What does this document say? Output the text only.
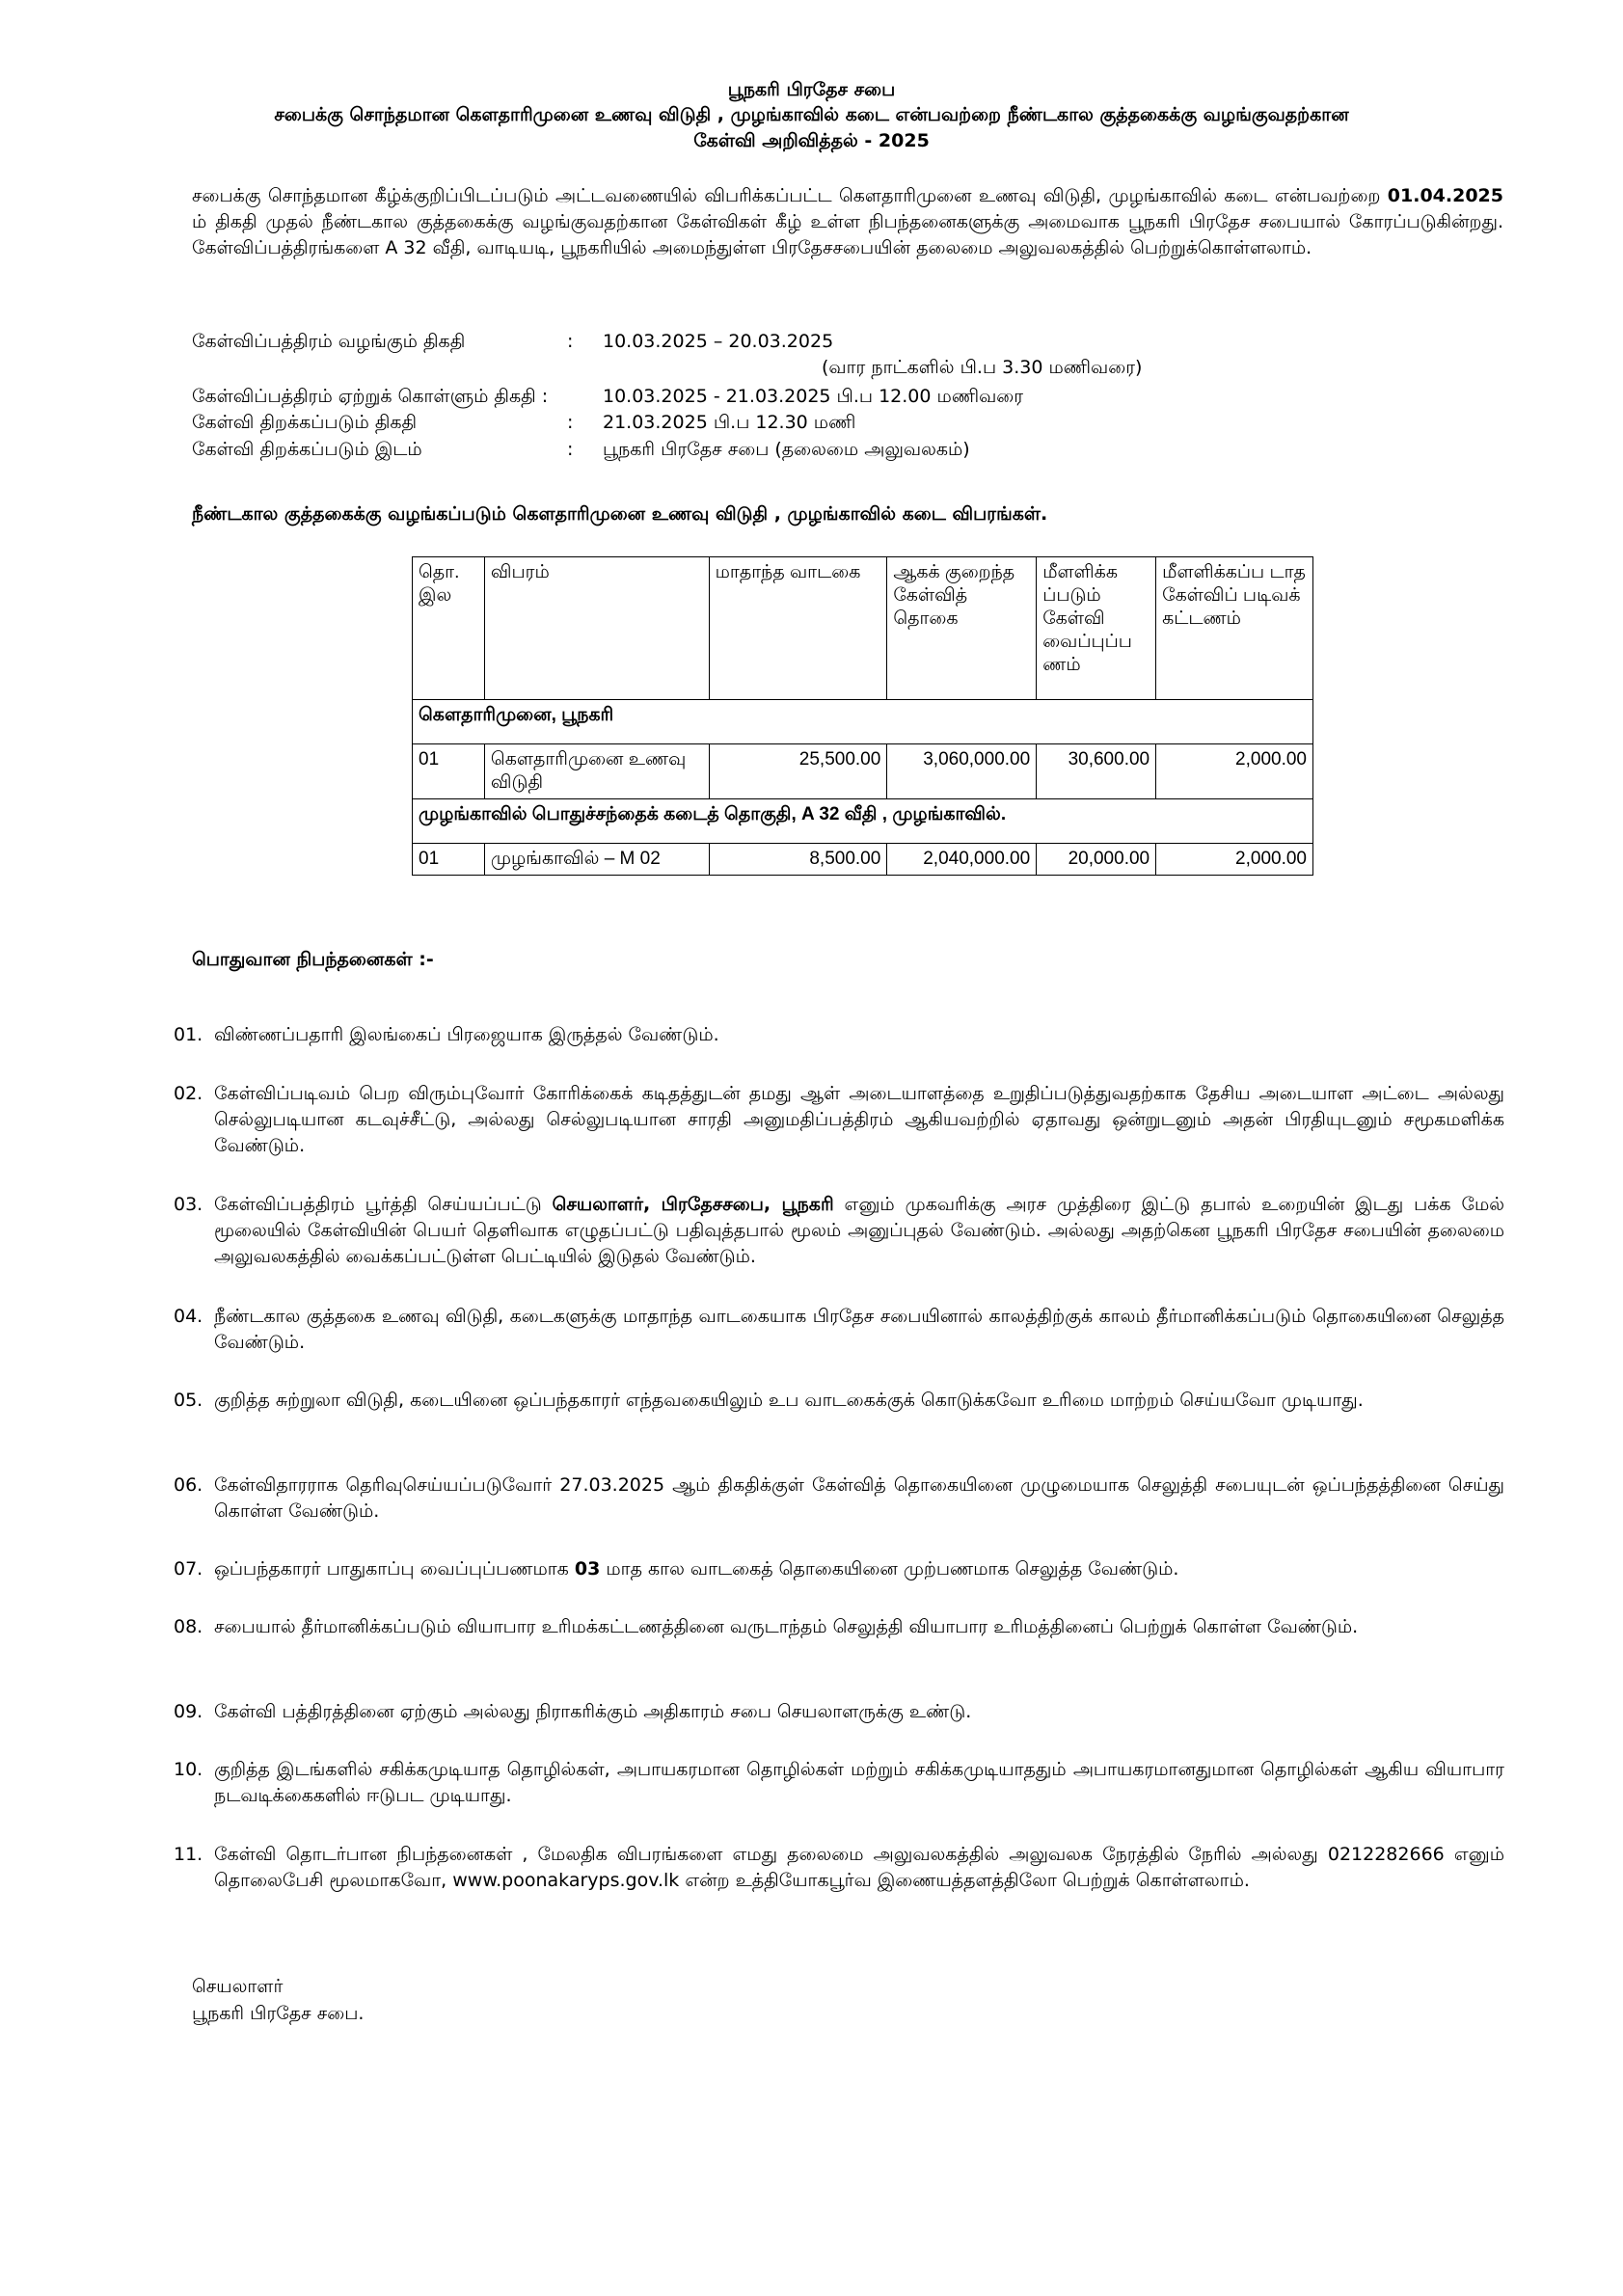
பூநகரி பிரதேச சபை
சபைக்கு சொந்தமான கௌதாரிமுனை உணவு விடுதி , முழங்காவில் கடை என்பவற்றை நீண்டகால குத்தகைக்கு வழங்குவதற்கான
கேள்வி அறிவித்தல் - 2025
சபைக்கு சொந்தமான கீழ்க்குறிப்பிடப்படும் அட்டவணையில் விபரிக்கப்பட்ட கௌதாரிமுனை உணவு விடுதி, முழங்காவில் கடை என்பவற்றை 01.04.2025 ம் திகதி முதல் நீண்டகால குத்தகைக்கு வழங்குவதற்கான கேள்விகள் கீழ் உள்ள நிபந்தனைகளுக்கு அமைவாக பூநகரி பிரதேச சபையால் கோரப்படுகின்றது. கேள்விப்பத்திரங்களை A 32 வீதி, வாடியடி, பூநகரியில் அமைந்துள்ள பிரதேசசபையின் தலைமை அலுவலகத்தில் பெற்றுக்கொள்ளலாம்.
கேள்விப்பத்திரம் வழங்கும் திகதி	: 10.03.2025 – 20.03.2025
(வார நாட்களில் பி.ப 3.30 மணிவரை)
கேள்விப்பத்திரம் ஏற்றுக் கொள்ளும் திகதி :	10.03.2025 - 21.03.2025 பி.ப 12.00 மணிவரை
கேள்வி திறக்கப்படும் திகதி	: 21.03.2025 பி.ப 12.30 மணி
கேள்வி திறக்கப்படும் இடம்	: பூநகரி பிரதேச சபை (தலைமை அலுவலகம்)
நீண்டகால குத்தகைக்கு வழங்கப்படும் கௌதாரிமுனை உணவு விடுதி , முழங்காவில் கடை விபரங்கள்.
தொ. இல	விபரம்	மாதாந்த வாடகை	ஆகக் குறைந்த கேள்வித் தொகை	மீளளிக்க ப்படும் கேள்வி வைப்புப்ப ணம்	மீளளிக்கப்ப டாத கேள்விப் படிவக் கட்டணம்
கௌதாரிமுனை, பூநகரி					
01	கௌதாரிமுனை உணவு விடுதி	25,500.00	3,060,000.00	30,600.00	2,000.00
முழங்காவில் பொதுச்சந்தைக் கடைத் தொகுதி, A 32 வீதி , முழங்காவில்.					
01	முழங்காவில் – M 02	8,500.00	2,040,000.00	20,000.00	2,000.00
பொதுவான நிபந்தனைகள் :-
01. விண்ணப்பதாரி இலங்கைப் பிரஜையாக இருத்தல் வேண்டும்.
02. கேள்விப்படிவம் பெற விரும்புவோர் கோரிக்கைக் கடிதத்துடன் தமது ஆள் அடையாளத்தை உறுதிப்படுத்துவதற்காக தேசிய அடையாள அட்டை அல்லது செல்லுபடியான கடவுச்சீட்டு, அல்லது செல்லுபடியான சாரதி அனுமதிப்பத்திரம் ஆகியவற்றில் ஏதாவது ஒன்றுடனும் அதன் பிரதியுடனும் சமூகமளிக்க வேண்டும்.
03. கேள்விப்பத்திரம் பூர்த்தி செய்யப்பட்டு செயலாளர், பிரதேசசபை, பூநகரி எனும் முகவரிக்கு அரச முத்திரை இட்டு தபால் உறையின் இடது பக்க மேல் மூலையில் கேள்வியின் பெயர் தெளிவாக எழுதப்பட்டு பதிவுத்தபால் மூலம் அனுப்புதல் வேண்டும். அல்லது அதற்கென பூநகரி பிரதேச சபையின் தலைமை அலுவலகத்தில் வைக்கப்பட்டுள்ள பெட்டியில் இடுதல் வேண்டும்.
04. நீண்டகால குத்தகை உணவு விடுதி, கடைகளுக்கு மாதாந்த வாடகையாக பிரதேச சபையினால் காலத்திற்குக் காலம் தீர்மானிக்கப்படும் தொகையினை செலுத்த வேண்டும்.
05. குறித்த சுற்றுலா விடுதி, கடையினை ஒப்பந்தகாரர் எந்தவகையிலும் உப வாடகைக்குக் கொடுக்கவோ உரிமை மாற்றம் செய்யவோ முடியாது.
06. கேள்விதாரராக தெரிவுசெய்யப்படுவோர் 27.03.2025 ஆம் திகதிக்குள் கேள்வித் தொகையினை முழுமையாக செலுத்தி சபையுடன் ஒப்பந்தத்தினை செய்து கொள்ள வேண்டும்.
07. ஒப்பந்தகாரர் பாதுகாப்பு வைப்புப்பணமாக 03 மாத கால வாடகைத் தொகையினை முற்பணமாக செலுத்த வேண்டும்.
08. சபையால் தீர்மானிக்கப்படும் வியாபார உரிமக்கட்டணத்தினை வருடாந்தம் செலுத்தி வியாபார உரிமத்தினைப் பெற்றுக் கொள்ள வேண்டும்.
09. கேள்வி பத்திரத்தினை ஏற்கும் அல்லது நிராகரிக்கும் அதிகாரம் சபை செயலாளருக்கு உண்டு.
10. குறித்த இடங்களில் சகிக்கமுடியாத தொழில்கள், அபாயகரமான தொழில்கள் மற்றும் சகிக்கமுடியாததும் அபாயகரமானதுமான தொழில்கள் ஆகிய வியாபார நடவடிக்கைகளில் ஈடுபட முடியாது.
11. கேள்வி தொடர்பான நிபந்தனைகள் , மேலதிக விபரங்களை எமது தலைமை அலுவலகத்தில் அலுவலக நேரத்தில் நேரில் அல்லது 0212282666 எனும் தொலைபேசி மூலமாகவோ, www.poonakaryps.gov.lk என்ற உத்தியோகபூர்வ இணையத்தளத்திலோ பெற்றுக் கொள்ளலாம்.
செயலாளர்
பூநகரி பிரதேச சபை.
